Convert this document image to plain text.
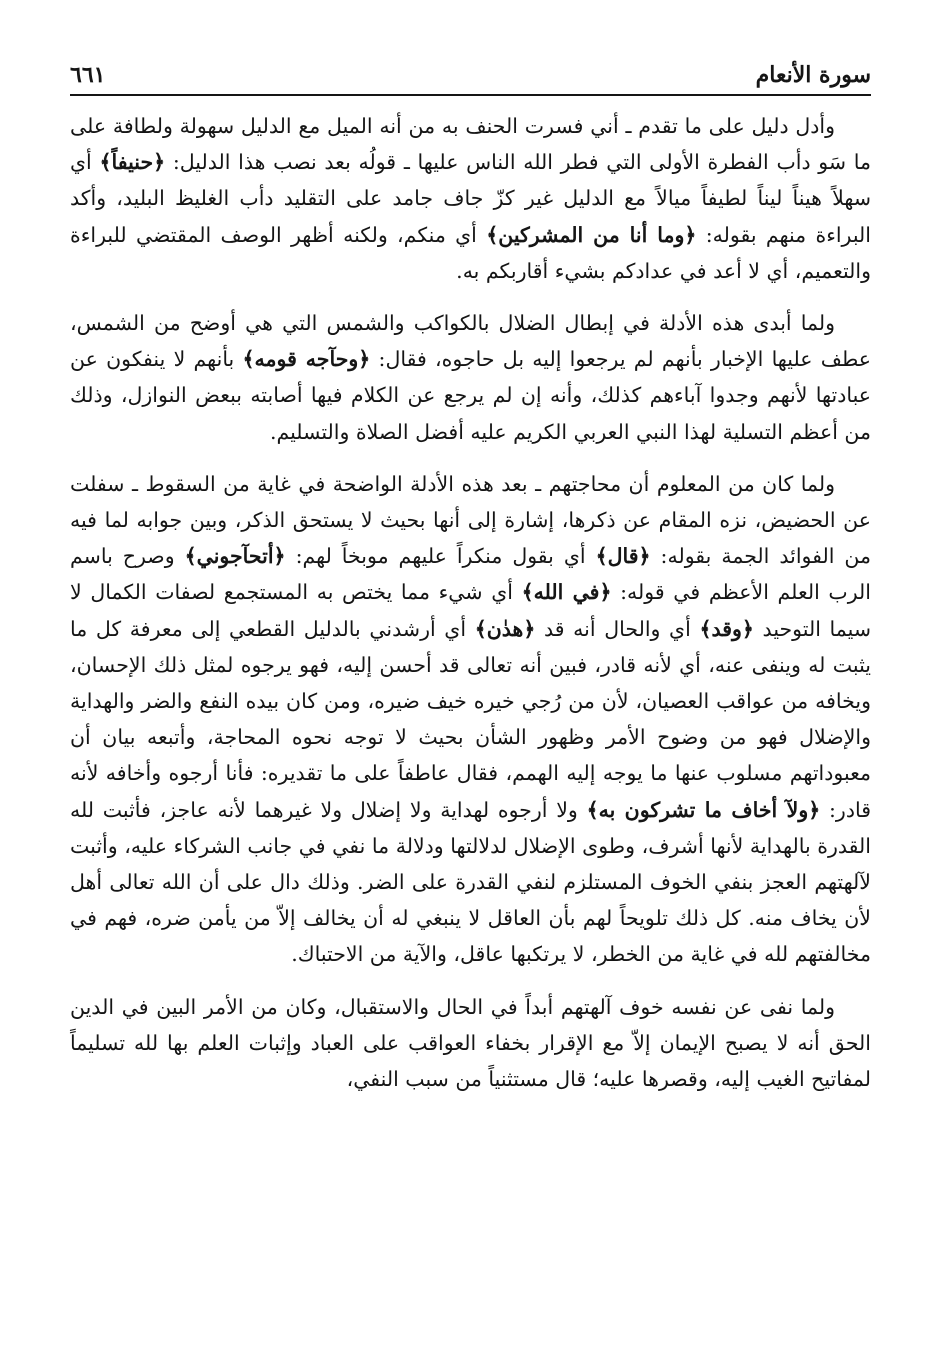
سورة الأنعام
٦٦١

وأدل دليل على ما تقدم ـ أني فسرت الحنف به من أنه الميل مع الدليل سهولة ولطافة على ما سَو دأب الفطرة الأولى التي فطر الله الناس عليها ـ قولُه بعد نصب هذا الدليل: ﴿حنيفاً﴾ أي سهلاً هيناً ليناً لطيفاً ميالاً مع الدليل غير كزّ جاف جامد على التقليد دأب الغليظ البليد، وأكد البراءة منهم بقوله: ﴿وما أنا من المشركين﴾ أي منكم، ولكنه أظهر الوصف المقتضي للبراءة والتعميم، أي لا أعد في عدادكم بشيء أقاربكم به.

ولما أبدى هذه الأدلة في إبطال الضلال بالكواكب والشمس التي هي أوضح من الشمس، عطف عليها الإخبار بأنهم لم يرجعوا إليه بل حاجوه، فقال: ﴿وحآجه قومه﴾ بأنهم لا ينفكون عن عبادتها لأنهم وجدوا آباءهم كذلك، وأنه إن لم يرجع عن الكلام فيها أصابته ببعض النوازل، وذلك من أعظم التسلية لهذا النبي العربي الكريم عليه أفضل الصلاة والتسليم.

ولما كان من المعلوم أن محاجتهم ـ بعد هذه الأدلة الواضحة في غاية من السقوط ـ سفلت عن الحضيض، نزه المقام عن ذكرها، إشارة إلى أنها بحيث لا يستحق الذكر، وبين جوابه لما فيه من الفوائد الجمة بقوله: ﴿قال﴾ أي بقول منكراً عليهم موبخاً لهم: ﴿أتحآجوني﴾ وصرح باسم الرب العلم الأعظم في قوله: ﴿في الله﴾ أي شيء مما يختص به المستجمع لصفات الكمال لا سيما التوحيد ﴿وقد﴾ أي والحال أنه قد ﴿هدٰن﴾ أي أرشدني بالدليل القطعي إلى معرفة كل ما يثبت له وينفى عنه، أي لأنه قادر، فبين أنه تعالى قد أحسن إليه، فهو يرجوه لمثل ذلك الإحسان، ويخافه من عواقب العصيان، لأن من رُجي خيره خيف ضيره، ومن كان بيده النفع والضر والهداية والإضلال فهو من وضوح الأمر وظهور الشأن بحيث لا توجه نحوه المحاجة، وأتبعه بيان أن معبوداتهم مسلوب عنها ما يوجه إليه الهمم، فقال عاطفاً على ما تقديره: فأنا أرجوه وأخافه لأنه قادر: ﴿ولآ أخاف ما تشركون به﴾ ولا أرجوه لهداية ولا إضلال ولا غيرهما لأنه عاجز، فأثبت لله القدرة بالهداية لأنها أشرف، وطوى الإضلال لدلالتها ودلالة ما نفي في جانب الشركاء عليه، وأثبت لآلهتهم العجز بنفي الخوف المستلزم لنفي القدرة على الضر. وذلك دال على أن الله تعالى أهل لأن يخاف منه. كل ذلك تلويحاً لهم بأن العاقل لا ينبغي له أن يخالف إلاّ من يأمن ضره، فهم في مخالفتهم لله في غاية من الخطر، لا يرتكبها عاقل، والآية من الاحتباك.

ولما نفى عن نفسه خوف آلهتهم أبداً في الحال والاستقبال، وكان من الأمر البين في الدين الحق أنه لا يصبح الإيمان إلاّ مع الإقرار بخفاء العواقب على العباد وإثبات العلم بها لله تسليماً لمفاتيح الغيب إليه، وقصرها عليه؛ قال مستثنياً من سبب النفي،
